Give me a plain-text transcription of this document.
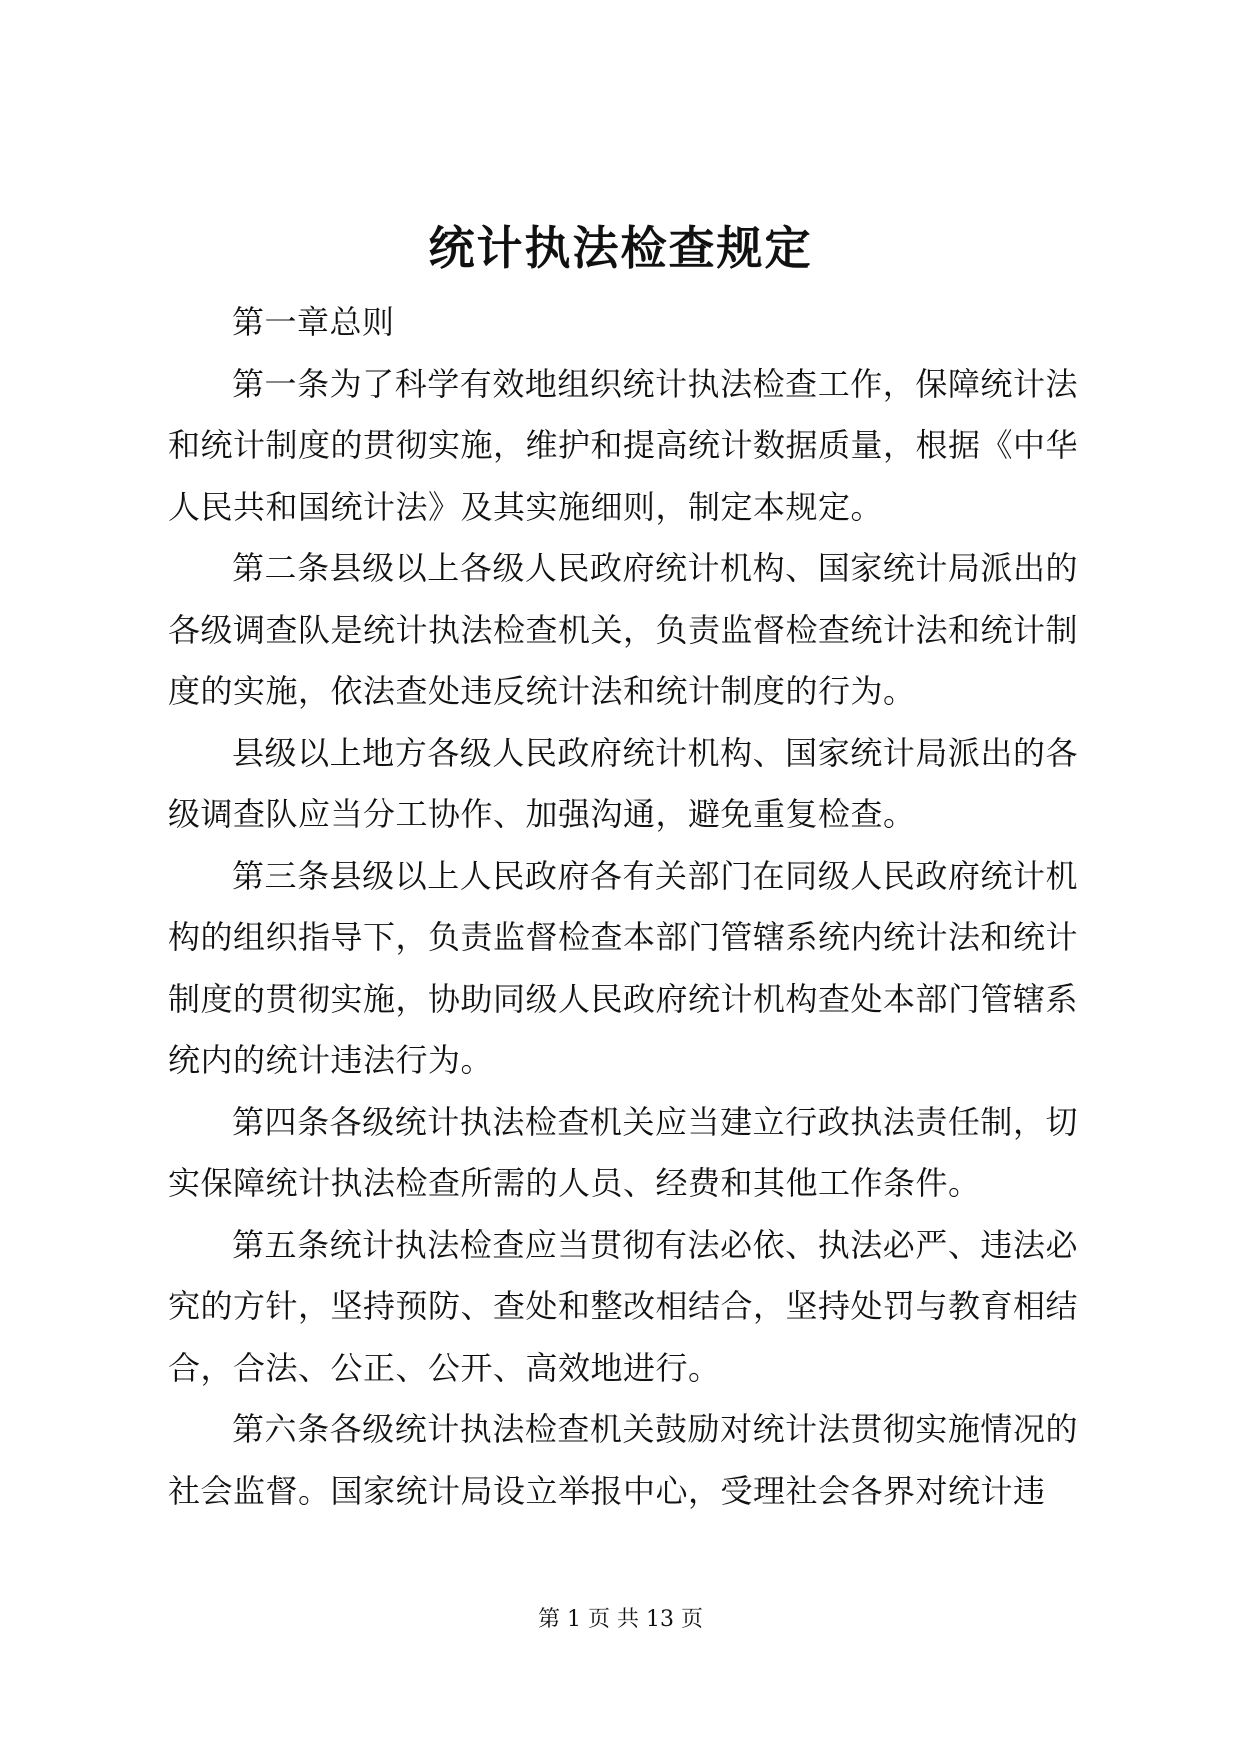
统计执法检查规定

第一章总则

第一条为了科学有效地组织统计执法检查工作，保障统计法和统计制度的贯彻实施，维护和提高统计数据质量，根据《中华人民共和国统计法》及其实施细则，制定本规定。

第二条县级以上各级人民政府统计机构、国家统计局派出的各级调查队是统计执法检查机关，负责监督检查统计法和统计制度的实施，依法查处违反统计法和统计制度的行为。

县级以上地方各级人民政府统计机构、国家统计局派出的各级调查队应当分工协作、加强沟通，避免重复检查。

第三条县级以上人民政府各有关部门在同级人民政府统计机构的组织指导下，负责监督检查本部门管辖系统内统计法和统计制度的贯彻实施，协助同级人民政府统计机构查处本部门管辖系统内的统计违法行为。

第四条各级统计执法检查机关应当建立行政执法责任制，切实保障统计执法检查所需的人员、经费和其他工作条件。

第五条统计执法检查应当贯彻有法必依、执法必严、违法必究的方针，坚持预防、查处和整改相结合，坚持处罚与教育相结合，合法、公正、公开、高效地进行。

第六条各级统计执法检查机关鼓励对统计法贯彻实施情况的社会监督。国家统计局设立举报中心，受理社会各界对统计违

第 1 页 共 13 页
